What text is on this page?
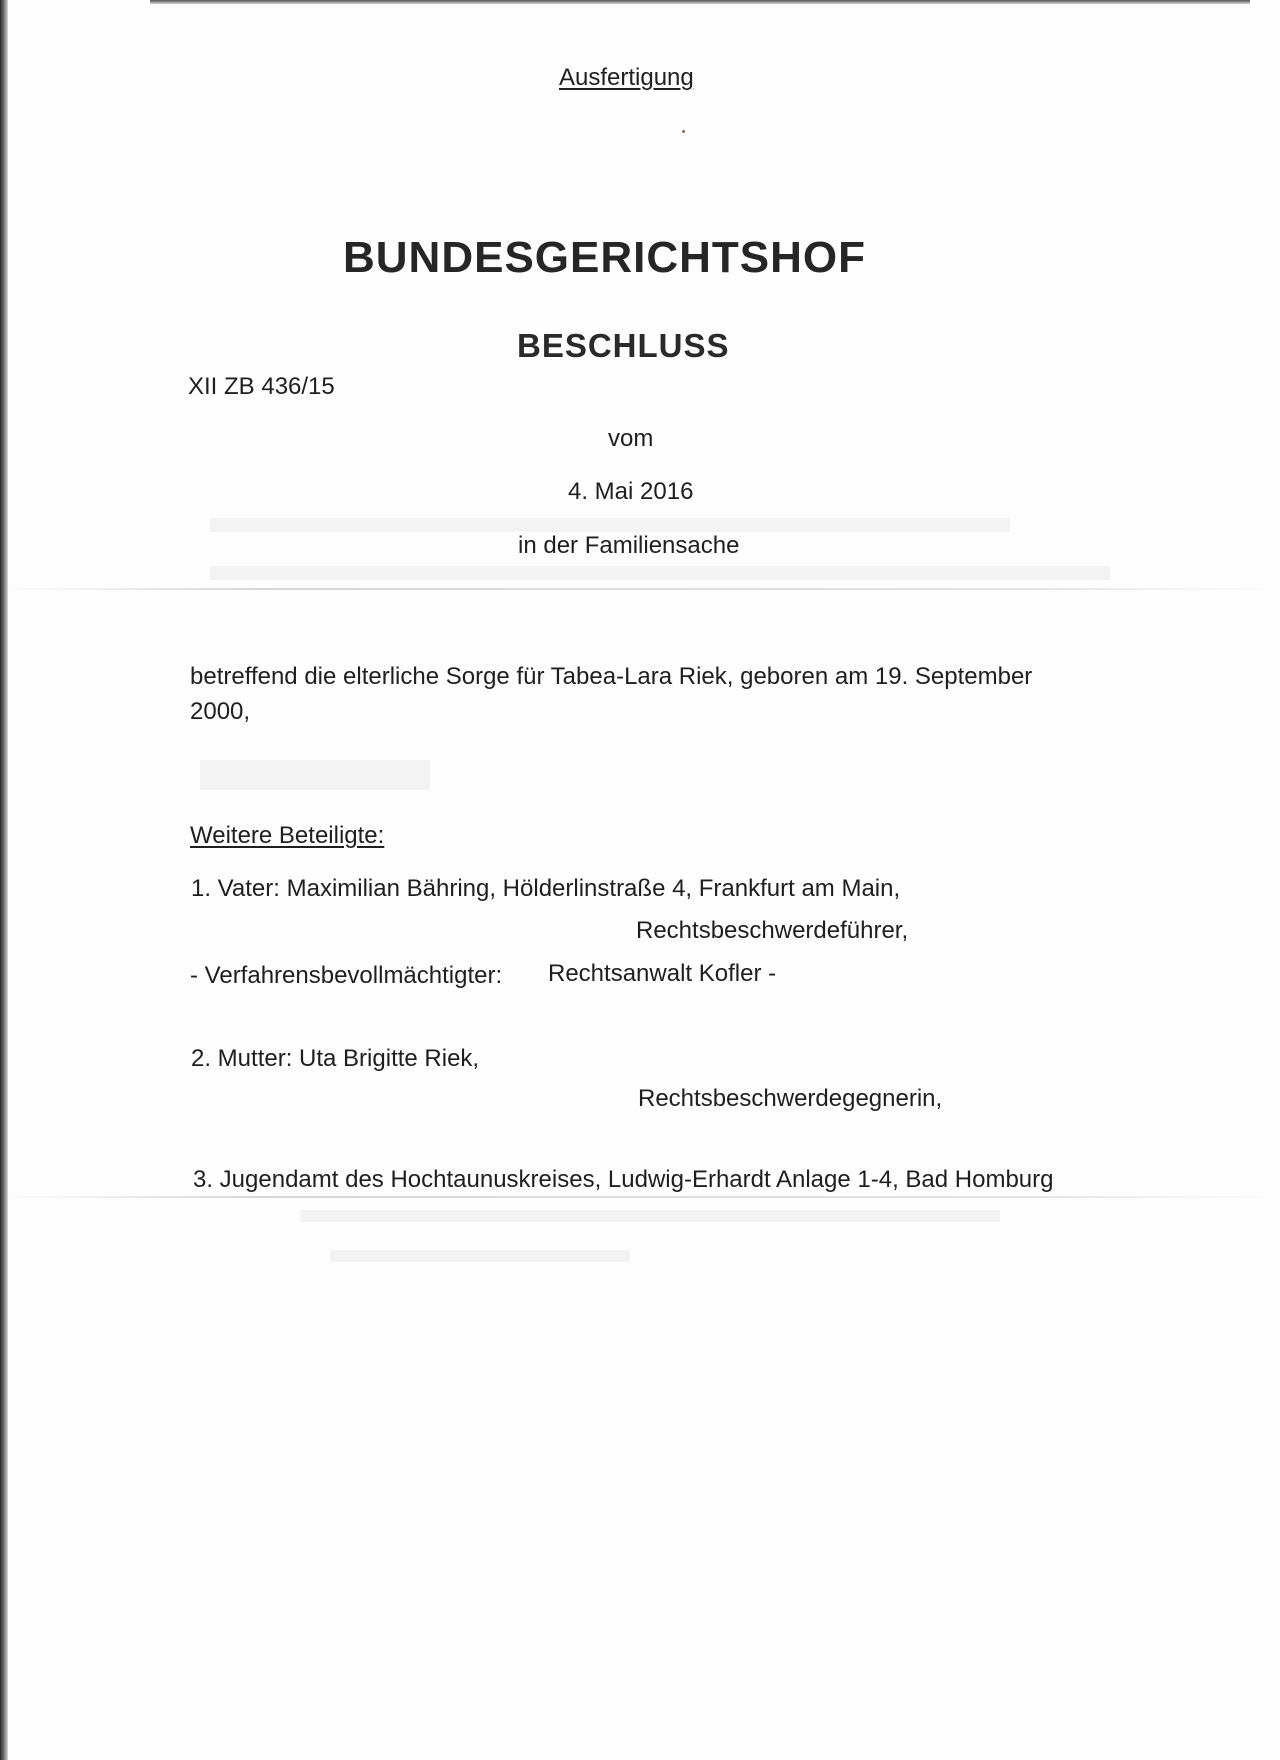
Ausfertigung
BUNDESGERICHTSHOF
BESCHLUSS
XII ZB 436/15
vom
4. Mai 2016
in der Familiensache
betreffend die elterliche Sorge für Tabea-Lara Riek, geboren am 19. September
2000,
Weitere Beteiligte:
1. Vater: Maximilian Bähring, Hölderlinstraße 4, Frankfurt am Main,
Rechtsbeschwerdeführer,
- Verfahrensbevollmächtigter: Rechtsanwalt Kofler -
2. Mutter: Uta Brigitte Riek,
Rechtsbeschwerdegegnerin,
3. Jugendamt des Hochtaunuskreises, Ludwig-Erhardt Anlage 1-4, Bad Homburg
